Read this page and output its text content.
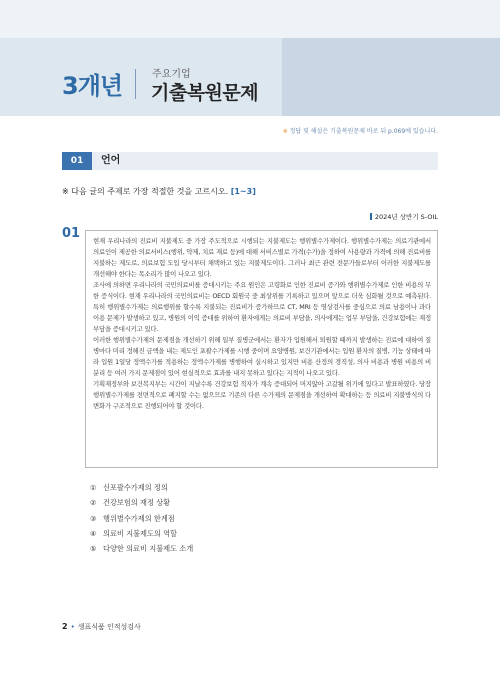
3개년	주요기업
기출복원문제
※ 정답 및 해설은 기출복원문제 바로 뒤 p.069에 있습니다.
01	언어
※ 다음 글의 주제로 가장 적절한 것을 고르시오. [1~3]
2024년 상반기 S-OIL
01 현재 우리나라의 진료비 지불제도 중 가장 주도적으로 시행되는 지불제도는 행위별수가제이다. 행위별수가제는 의료기관에서 의료인이 제공한 의료서비스(행위, 약제, 치료 재료 등)에 대해 서비스별로 가격(수가)을 정하여 사용량과 가격에 의해 진료비를 지불하는 제도로, 의료보험 도입 당시부터 채택하고 있는 지불제도이다. 그러나 최근 관련 전문가들로부터 이러한 지불제도를 개선해야 한다는 목소리가 많이 나오고 있다.

조사에 의하면 우리나라의 국민의료비를 증대시키는 주요 원인은 고령화로 인한 진료비 증가와 행위별수가제로 인한 비용의 무한 증식이다. 현재 우리나라의 국민의료비는 OECD 회원국 중 최상위를 기록하고 있으며 앞으로 더욱 심화될 것으로 예측된다. 특히 행위별수가제는 의료행위를 할수록 지불되는 진료비가 증가하므로 CT, MRI 등 영상검사를 중심으로 의료 남용이나 과다 이용 문제가 발생하고 있고, 병원의 이익 증대를 위하여 환자에게는 의료비 부담을, 의사에게는 업무 부담을, 건강보험에는 재정 부담을 증대시키고 있다.

이러한 행위별수가제의 문제점을 개선하기 위해 일부 질병군에서는 환자가 입원해서 퇴원할 때까지 발생하는 진료에 대하여 질병마다 미리 정해진 금액을 내는 제도인 포괄수가제를 시행 중이며 요양병원, 보건기관에서는 입원 환자의 질병, 기능 상태에 따라 입원 1일당 정액수가를 적용하는 정액수가제를 병행하여 실시하고 있지만 비용 산정의 경직성, 의사 비용과 병원 비용의 비분리 등 여러 가지 문제점이 있어 현실적으로 효과를 내지 못하고 있다는 지적이 나오고 있다.

기획재정부와 보건복지부는 시간이 지날수록 건강보험 적자가 계속 증대되어 머지않아 고갈될 위기에 있다고 발표하였다. 당장 행위별수가제를 전면적으로 폐지할 수는 없으므로 기존의 다른 수가제의 문제점을 개선하여 확대하는 등 의료비 지불방식의 다변화가 구조적으로 진행되어야 할 것이다.

① 신포괄수가제의 정의
② 건강보험의 재정 상황
③ 행위별수가제의 한계점
④ 의료비 지불제도의 역할
⑤ 다양한 의료비 지불제도 소개
2 • 생표식품 인적성검사
